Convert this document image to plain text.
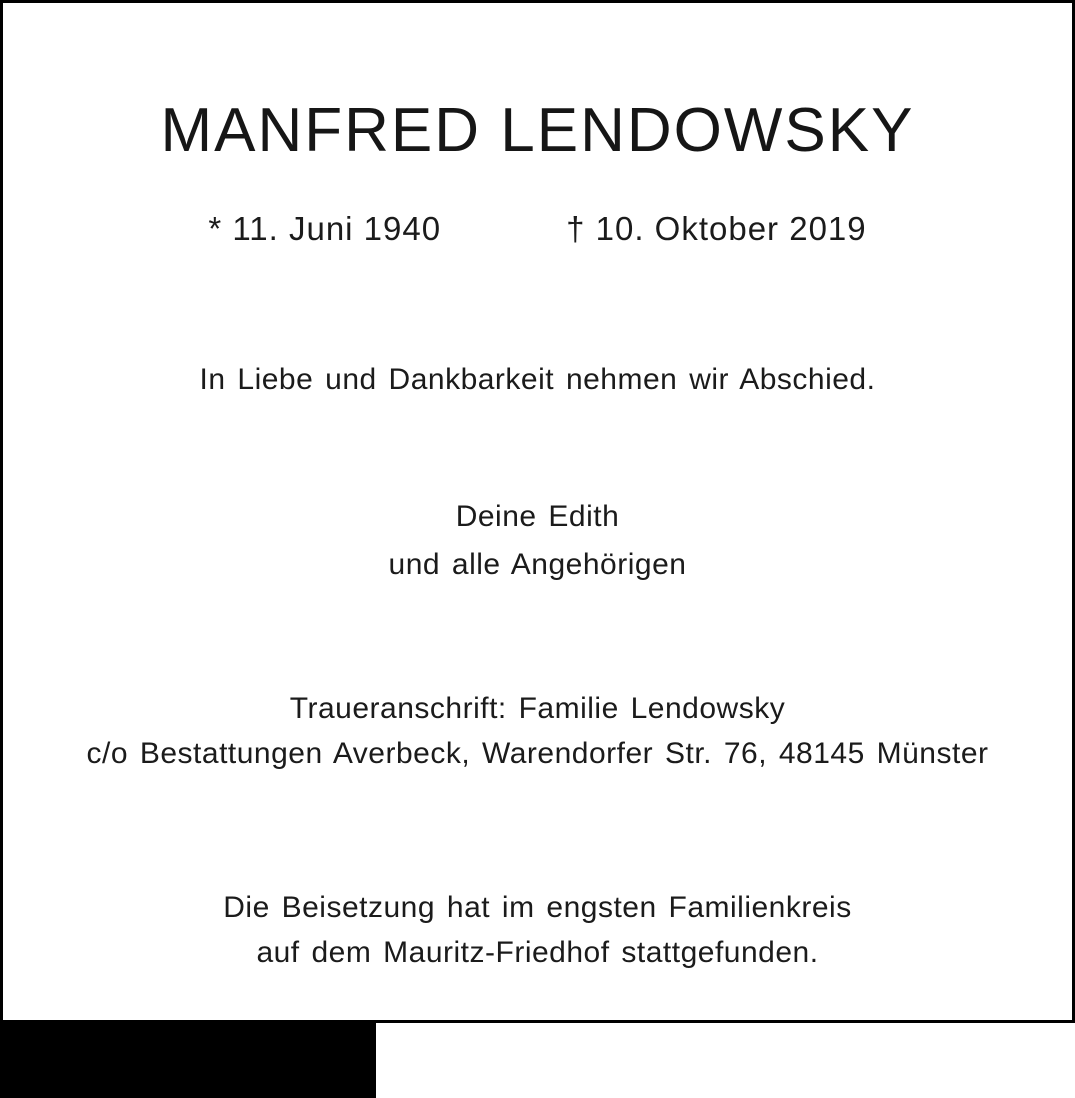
MANFRED LENDOWSKY
* 11. Juni 1940	† 10. Oktober 2019
In Liebe und Dankbarkeit nehmen wir Abschied.
Deine Edith
und alle Angehörigen
Traueranschrift: Familie Lendowsky
c/o Bestattungen Averbeck, Warendorfer Str. 76, 48145 Münster
Die Beisetzung hat im engsten Familienkreis
auf dem Mauritz-Friedhof stattgefunden.
